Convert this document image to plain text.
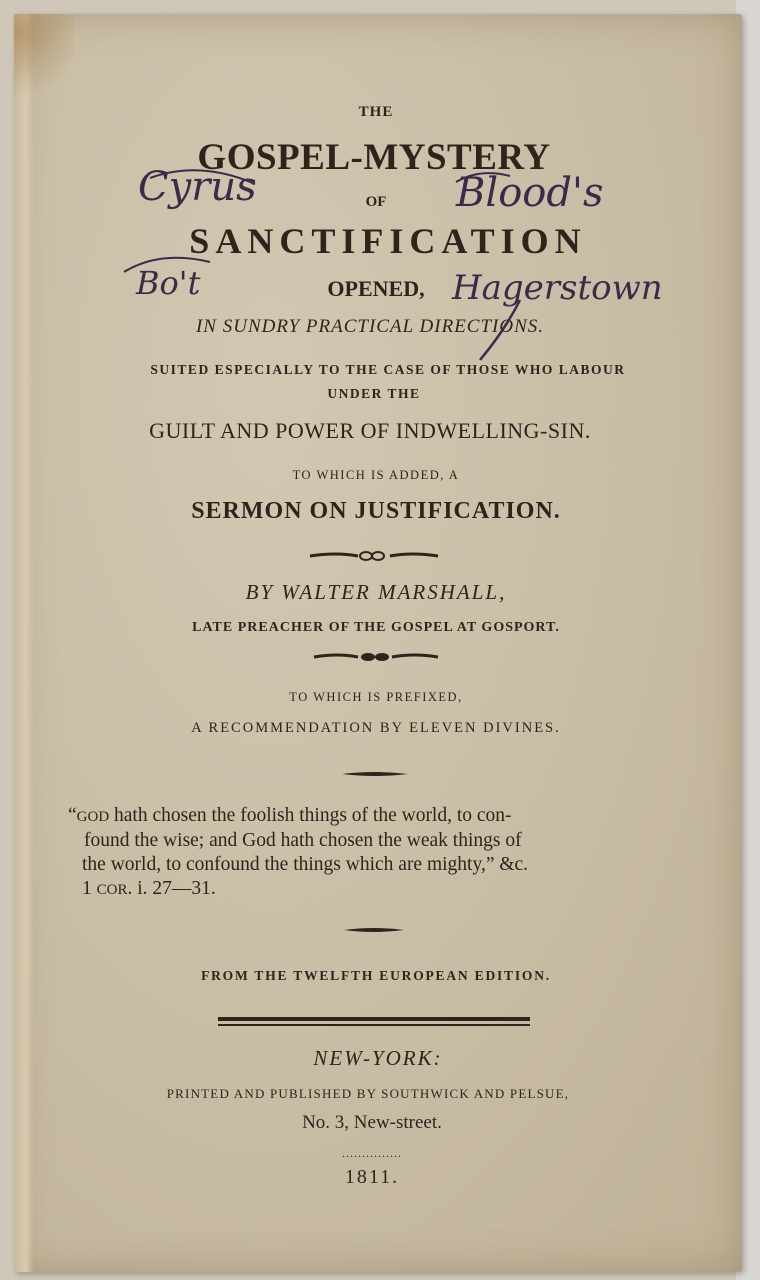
THE
GOSPEL-MYSTERY
OF
SANCTIFICATION
OPENED,
IN SUNDRY PRACTICAL DIRECTIONS.
SUITED ESPECIALLY TO THE CASE OF THOSE WHO LABOUR
UNDER THE
GUILT AND POWER OF INDWELLING-SIN.
TO WHICH IS ADDED, A
SERMON ON JUSTIFICATION.
BY WALTER MARSHALL,
LATE PREACHER OF THE GOSPEL AT GOSPORT.
TO WHICH IS PREFIXED,
A RECOMMENDATION BY ELEVEN DIVINES.
“GOD hath chosen the foolish things of the world, to con-
found the wise; and God hath chosen the weak things of
the world, to confound the things which are mighty,” &c.
1 COR. i. 27—31.
FROM THE TWELFTH EUROPEAN EDITION.
NEW-YORK:
PRINTED AND PUBLISHED BY SOUTHWICK AND PELSUE,
No. 3, New-street.
...............
1811.
Cyrus	Blood's
Bo't	Hagerstown
